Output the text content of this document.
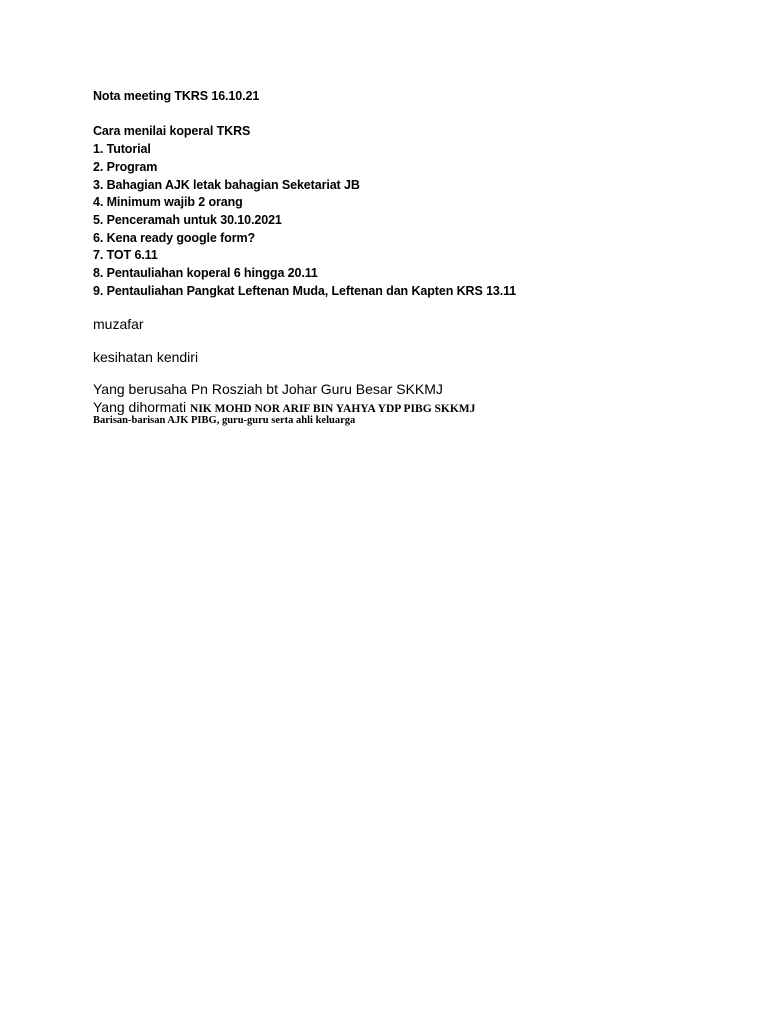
Nota meeting TKRS 16.10.21
Cara menilai koperal TKRS
1. Tutorial
2. Program
3. Bahagian AJK letak bahagian Seketariat JB
4. Minimum wajib 2 orang
5. Penceramah untuk 30.10.2021
6. Kena ready google form?
7. TOT 6.11
8. Pentauliahan koperal 6 hingga 20.11
9. Pentauliahan Pangkat Leftenan Muda, Leftenan dan Kapten KRS 13.11
muzafar
kesihatan kendiri
Yang berusaha Pn Rosziah bt Johar Guru Besar SKKMJ
Yang dihormati NIK MOHD NOR ARIF BIN YAHYA YDP PIBG SKKMJ
Barisan-barisan AJK PIBG, guru-guru serta ahli keluarga
